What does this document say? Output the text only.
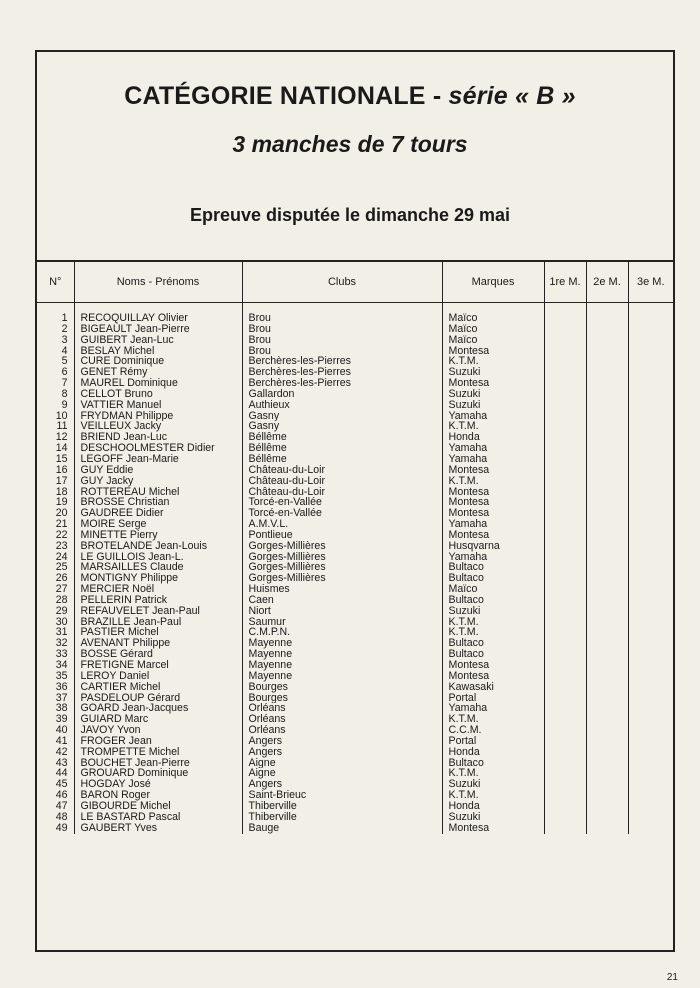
CATÉGORIE NATIONALE - série « B »
3 manches de 7 tours
Epreuve disputée le dimanche 29 mai
N°	Noms - Prénoms	Clubs	Marques	1re M.	2e M.	3e M.

1	RECOQUILLAY Olivier	Brou	Maïco			
2	BIGEAULT Jean-Pierre	Brou	Maïco			
3	GUIBERT Jean-Luc	Brou	Maïco			
4	BESLAY Michel	Brou	Montesa			
5	CURE Dominique	Berchères-les-Pierres	K.T.M.			
6	GENET Rémy	Berchères-les-Pierres	Suzuki			
7	MAUREL Dominique	Berchères-les-Pierres	Montesa			
8	CELLOT Bruno	Gallardon	Suzuki			
9	VATTIER Manuel	Authieux	Suzuki			
10	FRYDMAN Philippe	Gasny	Yamaha			
11	VEILLEUX Jacky	Gasny	K.T.M.			
12	BRIEND Jean-Luc	Béllême	Honda			
14	DESCHOOLMESTER Didier	Béllême	Yamaha			
15	LEGOFF Jean-Marie	Béllême	Yamaha			
16	GUY Eddie	Château-du-Loir	Montesa			
17	GUY Jacky	Château-du-Loir	K.T.M.			
18	ROTTEREAU Michel	Château-du-Loir	Montesa			
19	BROSSE Christian	Torcé-en-Vallée	Montesa			
20	GAUDREE Didier	Torcé-en-Vallée	Montesa			
21	MOIRE Serge	A.M.V.L.	Yamaha			
22	MINETTE Pierry	Pontlieue	Montesa			
23	BROTELANDE Jean-Louis	Gorges-Millières	Husqvarna			
24	LE GUILLOIS Jean-L.	Gorges-Millières	Yamaha			
25	MARSAILLES Claude	Gorges-Millières	Bultaco			
26	MONTIGNY Philippe	Gorges-Millières	Bultaco			
27	MERCIER Noël	Huismes	Maïco			
28	PELLERIN Patrick	Caen	Bultaco			
29	REFAUVELET Jean-Paul	Niort	Suzuki			
30	BRAZILLE Jean-Paul	Saumur	K.T.M.			
31	PASTIER Michel	C.M.P.N.	K.T.M.			
32	AVENANT Philippe	Mayenne	Bultaco			
33	BOSSE Gérard	Mayenne	Bultaco			
34	FRETIGNE Marcel	Mayenne	Montesa			
35	LEROY Daniel	Mayenne	Montesa			
36	CARTIER Michel	Bourges	Kawasaki			
37	PASDELOUP Gérard	Bourges	Portal			
38	GOARD Jean-Jacques	Orléans	Yamaha			
39	GUIARD Marc	Orléans	K.T.M.			
40	JAVOY Yvon	Orléans	C.C.M.			
41	FROGER Jean	Angers	Portal			
42	TROMPETTE Michel	Angers	Honda			
43	BOUCHET Jean-Pierre	Aigne	Bultaco			
44	GROUARD Dominique	Aigne	K.T.M.			
45	HOGDAY José	Angers	Suzuki			
46	BARON Roger	Saint-Brieuc	K.T.M.			
47	GIBOURDE Michel	Thiberville	Honda			
48	LE BASTARD Pascal	Thiberville	Suzuki			
49	GAUBERT Yves	Bauge	Montesa			
21
